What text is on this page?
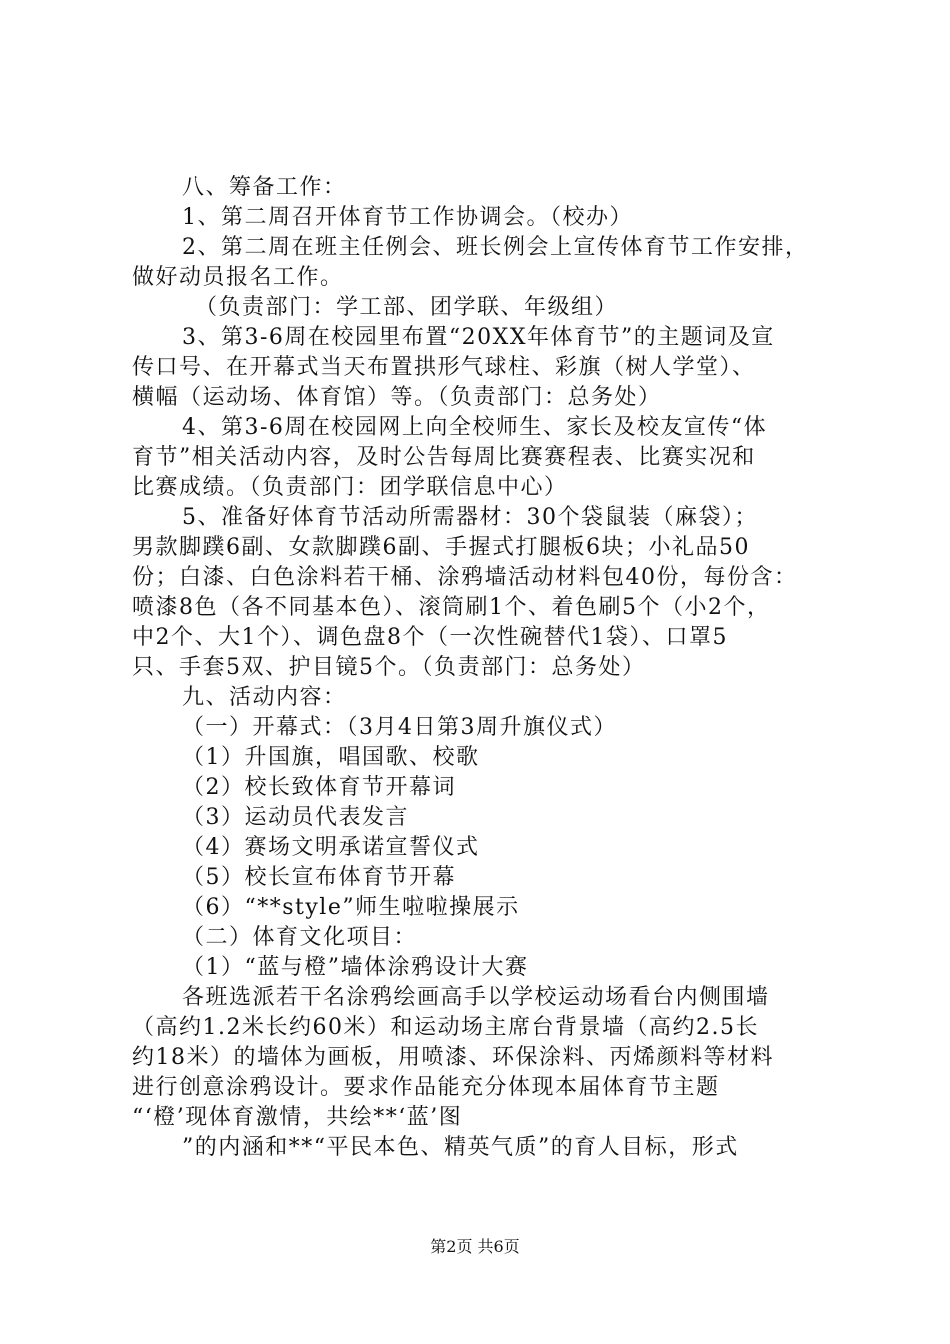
八、筹备工作：
1、第二周召开体育节工作协调会。（校办）
2、第二周在班主任例会、班长例会上宣传体育节工作安排，
做好动员报名工作。
（负责部门：学工部、团学联、年级组）
3、第3-6周在校园里布置“20XX年体育节”的主题词及宣
传口号、在开幕式当天布置拱形气球柱、彩旗（树人学堂）、
横幅（运动场、体育馆）等。（负责部门：总务处）
4、第3-6周在校园网上向全校师生、家长及校友宣传“体
育节”相关活动内容，及时公告每周比赛赛程表、比赛实况和
比赛成绩。（负责部门：团学联信息中心）
5、准备好体育节活动所需器材：30个袋鼠装（麻袋）；
男款脚蹼6副、女款脚蹼6副、手握式打腿板6块；小礼品50
份；白漆、白色涂料若干桶、涂鸦墙活动材料包40份，每份含：
喷漆8色（各不同基本色）、滚筒刷1个、着色刷5个（小2个，
中2个、大1个）、调色盘8个（一次性碗替代1袋）、口罩5
只、手套5双、护目镜5个。（负责部门：总务处）
九、活动内容：
（一）开幕式：（3月4日第3周升旗仪式）
（1）升国旗，唱国歌、校歌
（2）校长致体育节开幕词
（3）运动员代表发言
（4）赛场文明承诺宣誓仪式
（5）校长宣布体育节开幕
（6）“**style”师生啦啦操展示
（二）体育文化项目：
（1）“蓝与橙”墙体涂鸦设计大赛
各班选派若干名涂鸦绘画高手以学校运动场看台内侧围墙
（高约1.2米长约60米）和运动场主席台背景墙（高约2.5长
约18米）的墙体为画板，用喷漆、环保涂料、丙烯颜料等材料
进行创意涂鸦设计。要求作品能充分体现本届体育节主题
“‘橙’现体育激情，共绘**‘蓝’图
”的内涵和**“平民本色、精英气质”的育人目标，形式
第2页 共6页
